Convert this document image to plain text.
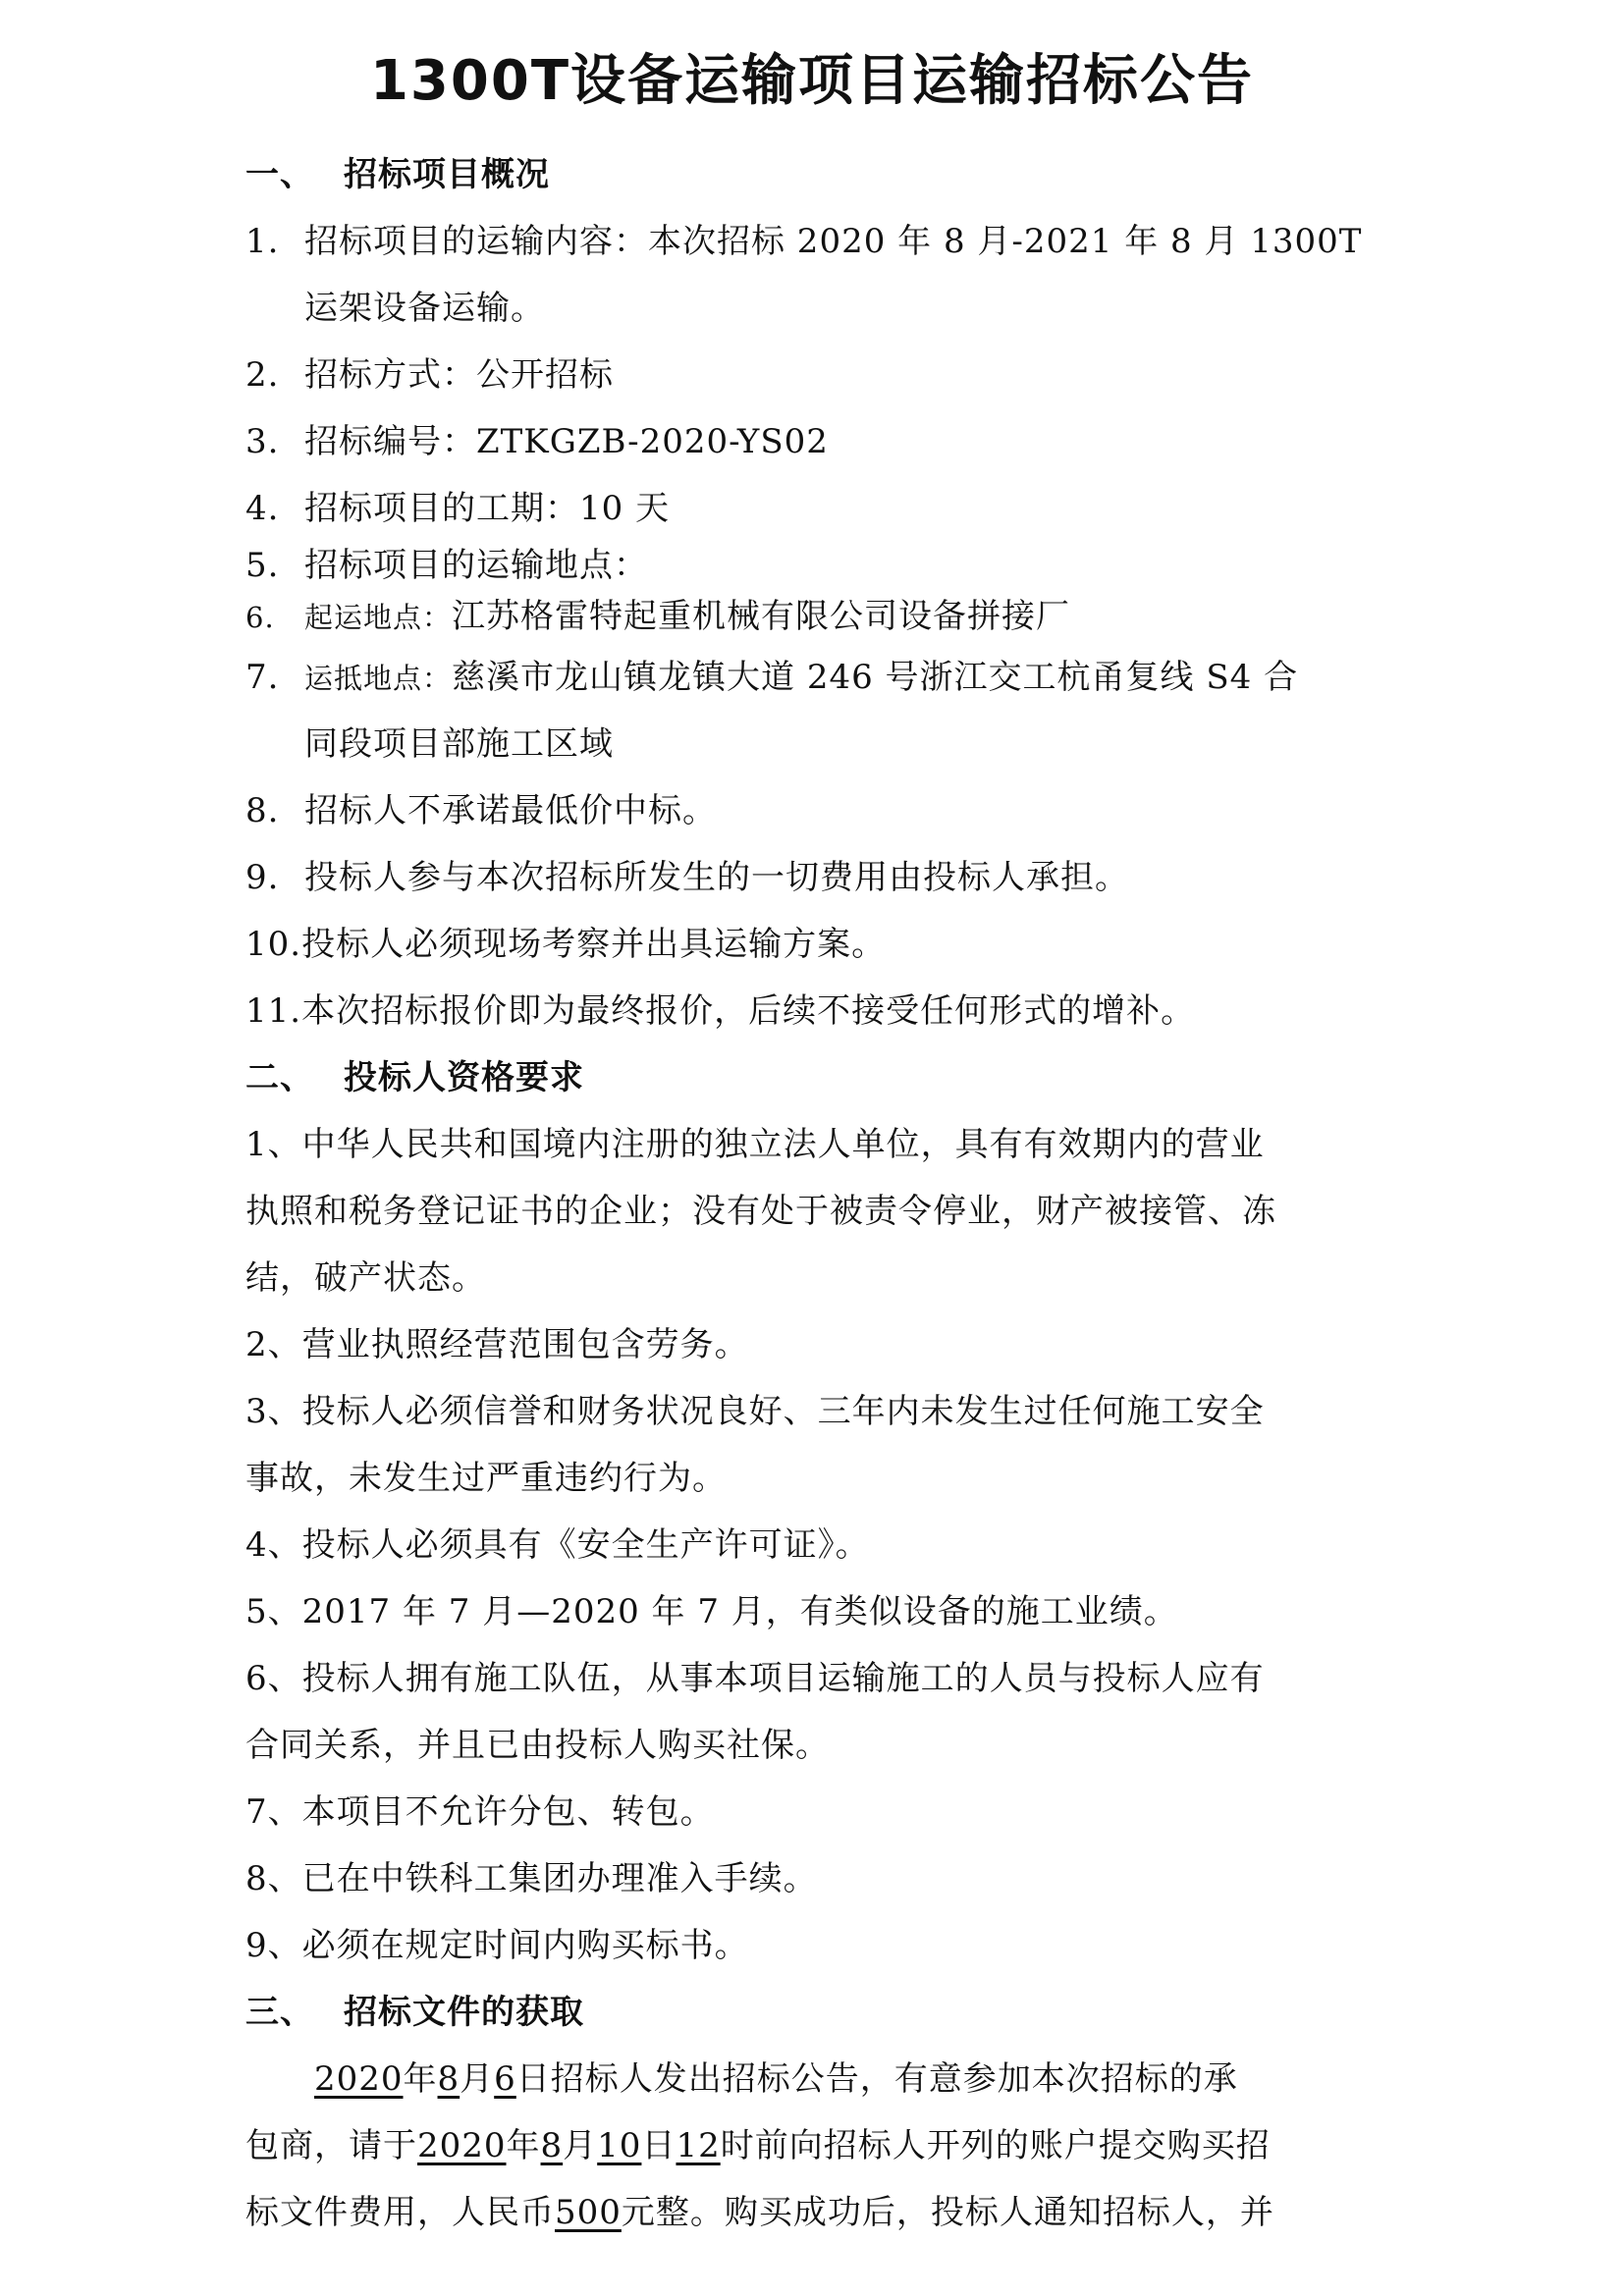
1300T设备运输项目运输招标公告
一、 招标项目概况
1. 招标项目的运输内容：本次招标 2020 年 8 月-2021 年 8 月 1300T
运架设备运输。
2. 招标方式：公开招标
3. 招标编号：ZTKGZB-2020-YS02
4. 招标项目的工期：10 天
5. 招标项目的运输地点：
6. 起运地点：江苏格雷特起重机械有限公司设备拼接厂
7. 运抵地点：慈溪市龙山镇龙镇大道 246 号浙江交工杭甬复线 S4 合
同段项目部施工区域
8. 招标人不承诺最低价中标。
9. 投标人参与本次招标所发生的一切费用由投标人承担。
10.投标人必须现场考察并出具运输方案。
11.本次招标报价即为最终报价，后续不接受任何形式的增补。
二、 投标人资格要求
1、中华人民共和国境内注册的独立法人单位，具有有效期内的营业
执照和税务登记证书的企业；没有处于被责令停业，财产被接管、冻
结，破产状态。
2、营业执照经营范围包含劳务。
3、投标人必须信誉和财务状况良好、三年内未发生过任何施工安全
事故，未发生过严重违约行为。
4、投标人必须具有《安全生产许可证》。
5、2017 年 7 月—2020 年 7 月，有类似设备的施工业绩。
6、投标人拥有施工队伍，从事本项目运输施工的人员与投标人应有
合同关系，并且已由投标人购买社保。
7、本项目不允许分包、转包。
8、已在中铁科工集团办理准入手续。
9、必须在规定时间内购买标书。
三、 招标文件的获取
2020年8月6日招标人发出招标公告，有意参加本次招标的承
包商，请于2020年8月10日12时前向招标人开列的账户提交购买招
标文件费用，人民币500元整。购买成功后，投标人通知招标人，并
